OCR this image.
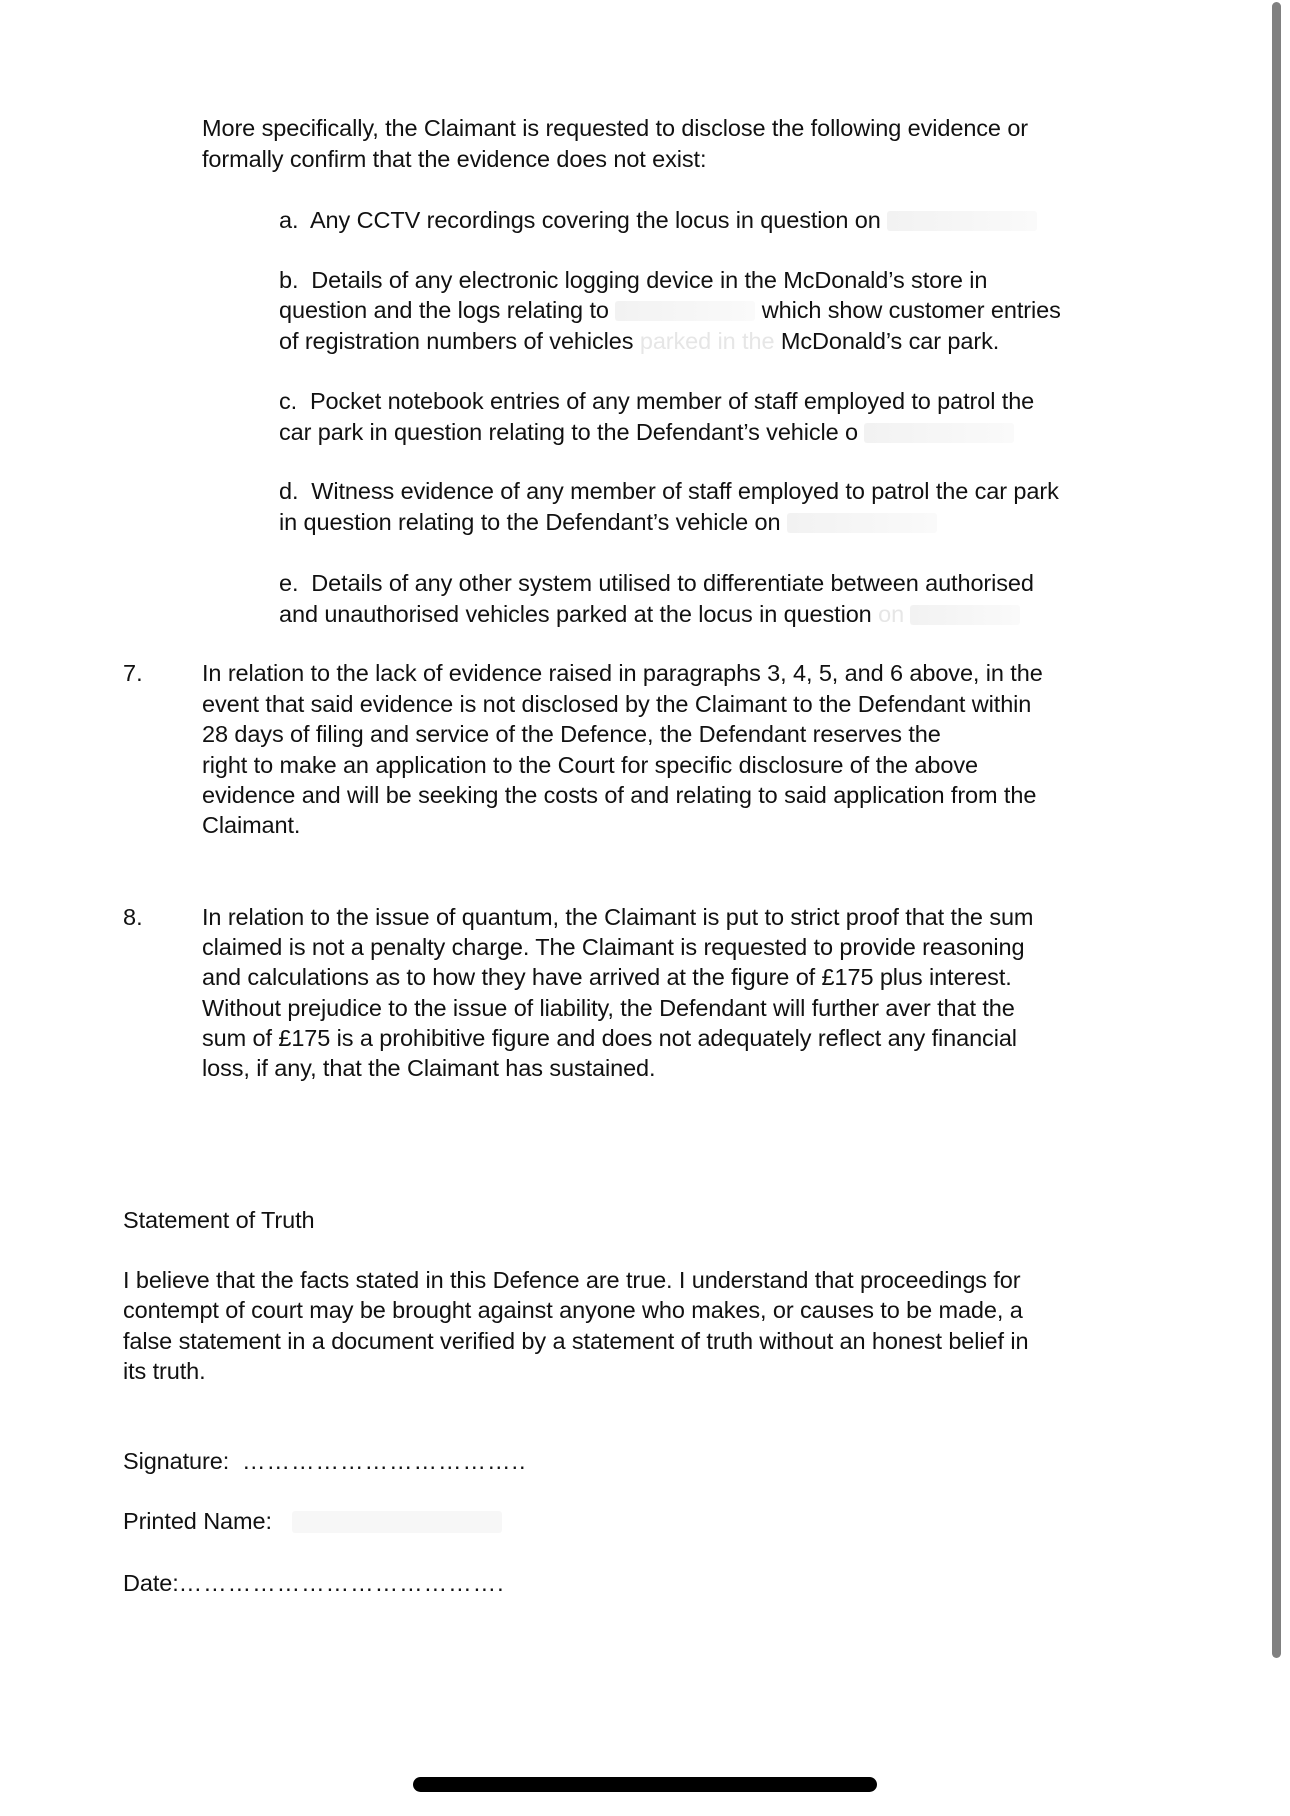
More specifically, the Claimant is requested to disclose the following evidence or
formally confirm that the evidence does not exist:
a. Any CCTV recordings covering the locus in question on
b. Details of any electronic logging device in the McDonald’s store in
question and the logs relating to	which show customer entries
of registration numbers of vehicles parked in the McDonald’s car park.
c. Pocket notebook entries of any member of staff employed to patrol the
car park in question relating to the Defendant’s vehicle o
d. Witness evidence of any member of staff employed to patrol the car park
in question relating to the Defendant’s vehicle on
e. Details of any other system utilised to differentiate between authorised
and unauthorised vehicles parked at the locus in question on
7.	In relation to the lack of evidence raised in paragraphs 3, 4, 5, and 6 above, in the
event that said evidence is not disclosed by the Claimant to the Defendant within
28 days of filing and service of the Defence, the Defendant reserves the
right to make an application to the Court for specific disclosure of the above
evidence and will be seeking the costs of and relating to said application from the
Claimant.
8.	In relation to the issue of quantum, the Claimant is put to strict proof that the sum
claimed is not a penalty charge. The Claimant is requested to provide reasoning
and calculations as to how they have arrived at the figure of £175 plus interest.
Without prejudice to the issue of liability, the Defendant will further aver that the
sum of £175 is a prohibitive figure and does not adequately reflect any financial
loss, if any, that the Claimant has sustained.
Statement of Truth
I believe that the facts stated in this Defence are true. I understand that proceedings for
contempt of court may be brought against anyone who makes, or causes to be made, a
false statement in a document verified by a statement of truth without an honest belief in
its truth.
Signature: ……………………………..
Printed Name:
Date:………………………………….
